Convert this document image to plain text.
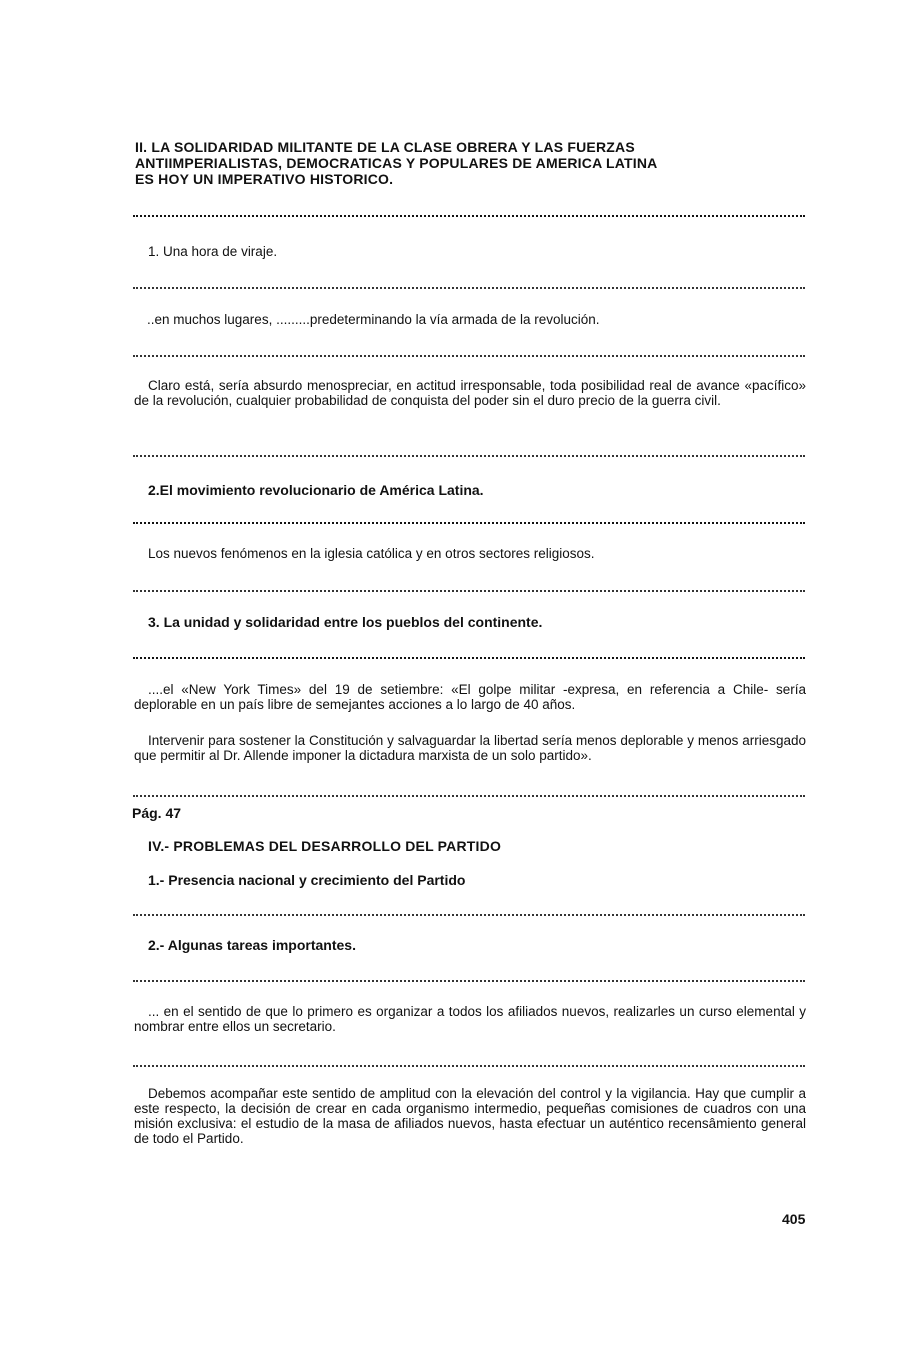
II. LA SOLIDARIDAD MILITANTE DE LA CLASE OBRERA Y LAS FUERZAS
ANTIIMPERIALISTAS, DEMOCRATICAS Y POPULARES DE AMERICA LATINA
ES HOY UN IMPERATIVO HISTORICO.
1. Una hora de viraje.
..en muchos lugares, .........predeterminando la vía armada de la revolución.
Claro está, sería absurdo menospreciar, en actitud irresponsable, toda posibilidad real de avance «pacífico» de la revolución, cualquier probabilidad de conquista del poder sin el duro precio de la guerra civil.
2.El movimiento revolucionario de América Latina.
Los nuevos fenómenos en la iglesia católica y en otros sectores religiosos.
3. La unidad y solidaridad entre los pueblos del continente.
....el «New York Times» del 19 de setiembre: «El golpe militar -expresa, en referencia a Chile- sería deplorable en un país libre de semejantes acciones a lo largo de 40 años.
Intervenir para sostener la Constitución y salvaguardar la libertad sería menos deplorable y menos arriesgado que permitir al Dr. Allende imponer la dictadura marxista de un solo partido».
Pág. 47
IV.- PROBLEMAS DEL DESARROLLO DEL PARTIDO
1.- Presencia nacional y crecimiento del Partido
2.- Algunas tareas importantes.
... en el sentido de que lo primero es organizar a todos los afiliados nuevos, realizarles un curso elemental y nombrar entre ellos un secretario.
Debemos acompañar este sentido de amplitud con la elevación del control y la vigilancia. Hay que cumplir a este respecto, la decisión de crear en cada organismo intermedio, pequeñas comisiones de cuadros con una misión exclusiva: el estudio de la masa de afiliados nuevos, hasta efectuar un auténtico recensâmiento general de todo el Partido.
405
